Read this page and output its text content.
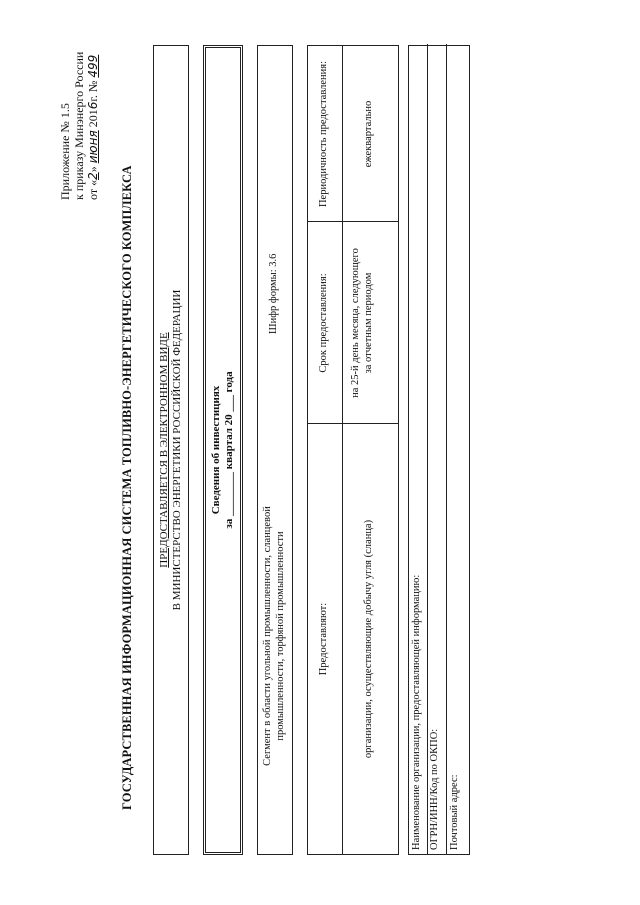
Приложение № 1.5 к приказу Минэнерго России от «2» июня 2016г. № 499
ГОСУДАРСТВЕННАЯ ИНФОРМАЦИОННАЯ СИСТЕМА ТОПЛИВНО-ЭНЕРГЕТИЧЕСКОГО КОМПЛЕКСА ПРЕДОСТАВЛЯЕТСЯ В ЭЛЕКТРОННОМ ВИДЕ В МИНИСТЕРСТВО ЭНЕРГЕТИКИ РОССИЙСКОЙ ФЕДЕРАЦИИ Сведения об инвестициях
за ________ квартал 20 ___ года
Сегмент в области угольной промышленности, сланцевой промышленности, торфяной промышленности
Шифр формы: 3.6
Предоставляют:
Срок предоставления:
Периодичность предоставления:
организации, осуществляющие добычу угля (сланца)
на 25-й день месяца, следующего за отчетным периодом
ежеквартально
Наименование организации, предоставляющей информацию: ОГРН/ИНН/Код по ОКПО: Почтовый адрес:
